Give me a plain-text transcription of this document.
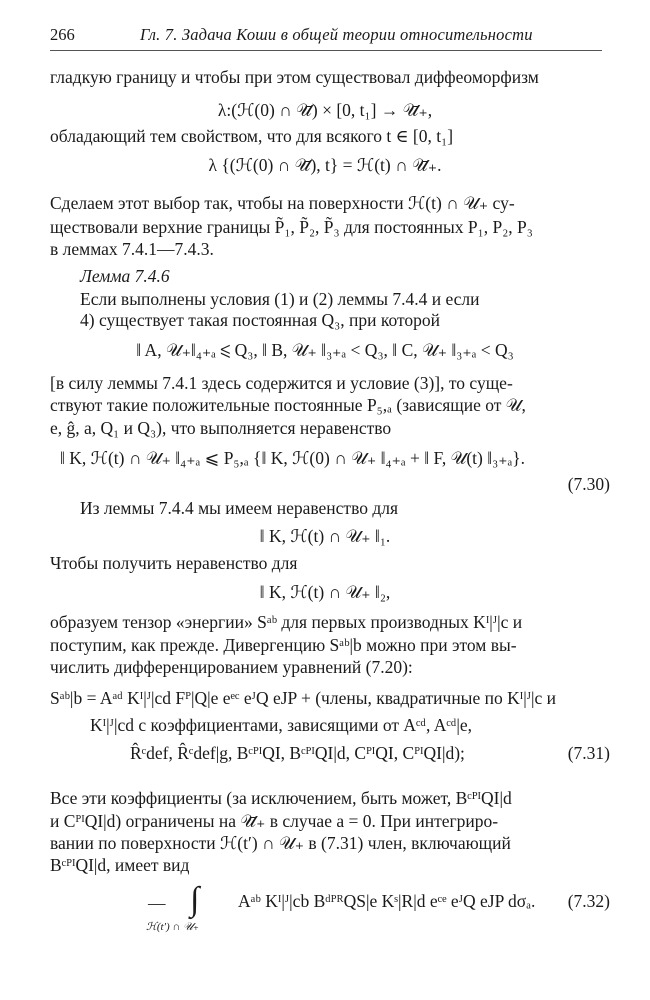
266	Гл. 7. Задача Коши в общей теории относительности
гладкую границу и чтобы при этом существовал диффеоморфизм
λ:(ℋ(0) ∩ 𝒰̄) × [0, t₁] → 𝒰̄₊,
обладающий тем свойством, что для всякого t ∈ [0, t₁]
λ {(ℋ(0) ∩ 𝒰̄), t} = ℋ(t) ∩ 𝒰̄₊.
Сделаем этот выбор так, чтобы на поверхности ℋ(t) ∩ 𝒰₊ су-
ществовали верхние границы P̃₁, P̃₂, P̃₃ для постоянных P₁, P₂, P₃
в леммах 7.4.1—7.4.3.
Лемма 7.4.6
Если выполнены условия (1) и (2) леммы 7.4.4 и если
4) существует такая постоянная Q₃, при которой
‖ A, 𝒰₊‖₄₊ₐ ⩽ Q₃, ‖ B, 𝒰₊ ‖₃₊ₐ < Q₃, ‖ C, 𝒰₊ ‖₃₊ₐ < Q₃
[в силу леммы 7.4.1 здесь содержится и условие (3)], то суще-
ствуют такие положительные постоянные P₅,ₐ (зависящие от 𝒰,
e, ĝ, a, Q₁ и Q₃), что выполняется неравенство
‖ K, ℋ(t) ∩ 𝒰₊ ‖₄₊ₐ ⩽ P₅,ₐ {‖ K, ℋ(0) ∩ 𝒰₊ ‖₄₊ₐ + ‖ F, 𝒰(t) ‖₃₊ₐ}.
(7.30)
Из леммы 7.4.4 мы имеем неравенство для
‖ K, ℋ(t) ∩ 𝒰₊ ‖₁.
Чтобы получить неравенство для
‖ K, ℋ(t) ∩ 𝒰₊ ‖₂,
образуем тензор «энергии» Sᵃᵇ для первых производных Kᴵ|ᴶ|c и
поступим, как прежде. Дивергенцию Sᵃᵇ|b можно при этом вы-
числить дифференцированием уравнений (7.20):
Sᵃᵇ|b = Aᵃᵈ Kᴵ|ᴶ|cd Fᴾ|Q|e eᵉᶜ eᴶQ eJP + (члены, квадратичные по Kᴵ|ᴶ|c и
Kᴵ|ᴶ|cd с коэффициентами, зависящими от Aᶜᵈ, Aᶜᵈ|e,
R̂ᶜdef, R̂ᶜdef|g, BᶜᴾᴵQI, BᶜᴾᴵQI|d, CᴾᴵQI, CᴾᴵQI|d);	(7.31)
Все эти коэффициенты (за исключением, быть может, BᶜᴾᴵQI|d
и CᴾᴵQI|d) ограничены на 𝒰̄₊ в случае a = 0. При интегриро-
вании по поверхности ℋ(t′) ∩ 𝒰₊ в (7.31) член, включающий
BᶜᴾᴵQI|d, имеет вид
— ∫ Aᵃᵇ Kᴵ|ᴶ|cb BᵈᴾᴿQS|e Kˢ|R|d eᶜᵉ eᴶQ eJP dσₐ.
ℋ(t′) ∩ 𝒰₊
(7.32)
